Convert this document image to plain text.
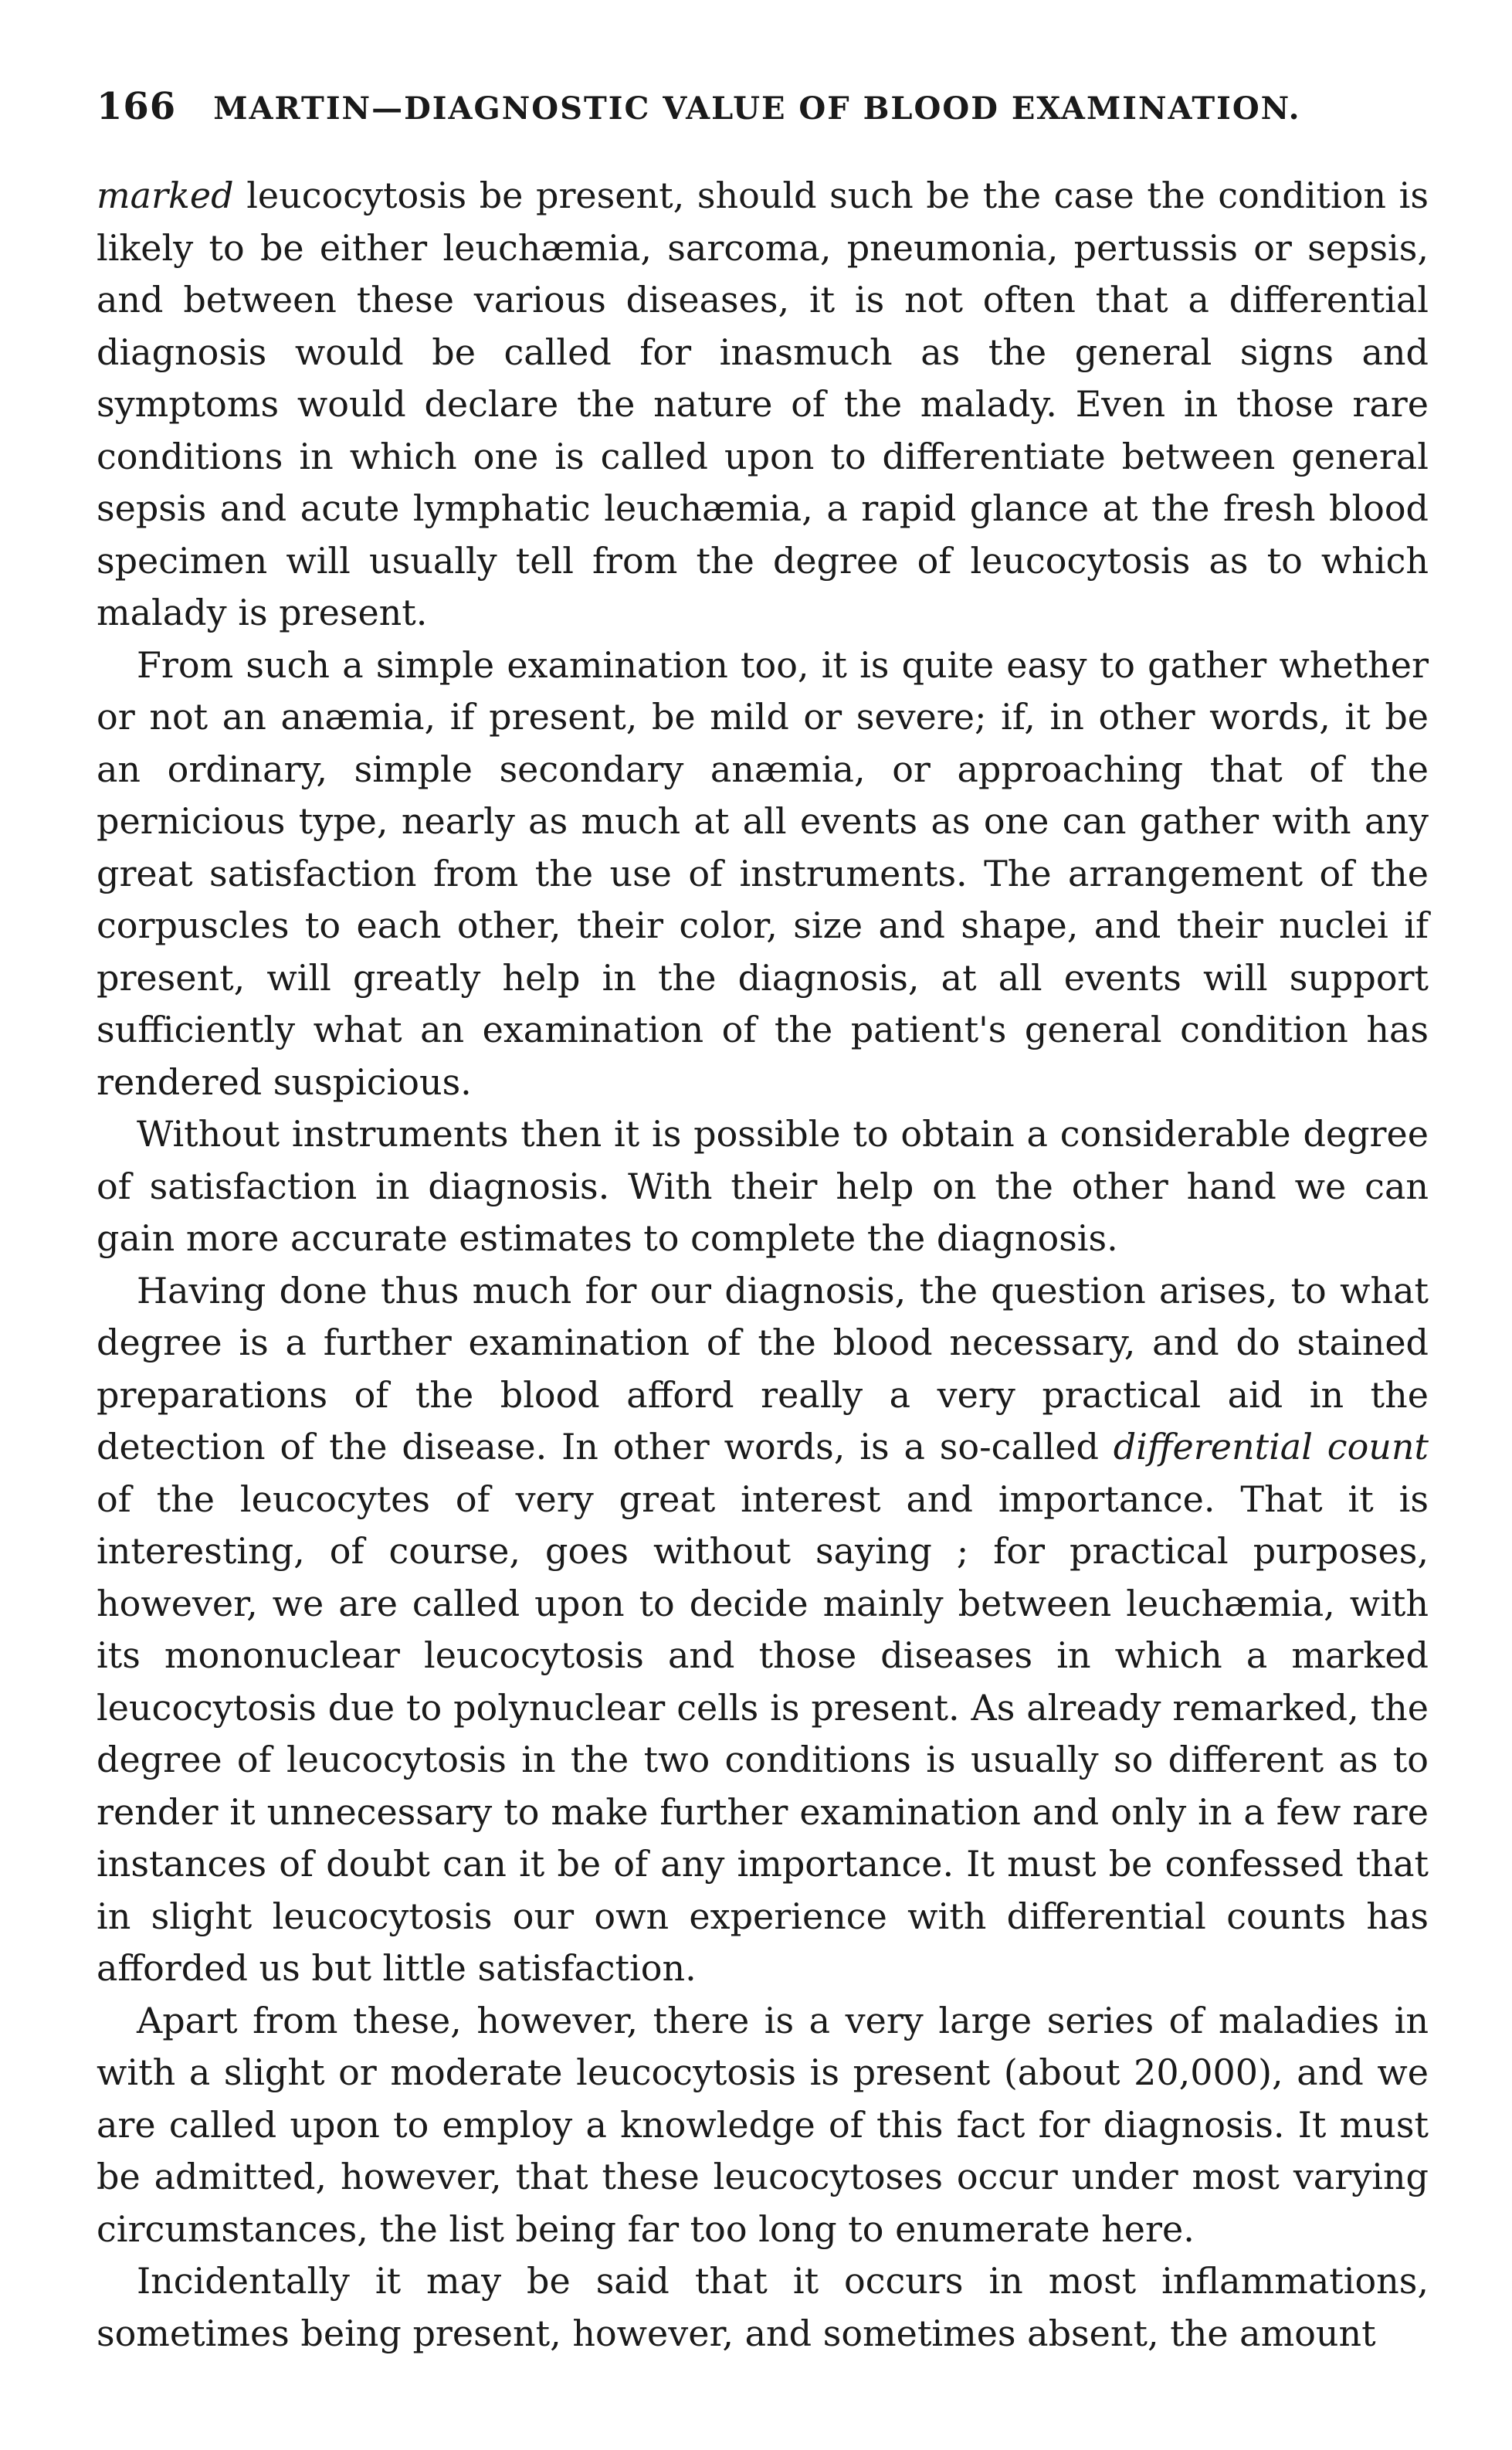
166 MARTIN—DIAGNOSTIC VALUE OF BLOOD EXAMINATION.

marked leucocytosis be present, should such be the case the condition is likely to be either leuchæmia, sarcoma, pneumonia, pertussis or sepsis, and between these various diseases, it is not often that a differential diagnosis would be called for inasmuch as the general signs and symptoms would declare the nature of the malady. Even in those rare conditions in which one is called upon to differentiate between general sepsis and acute lymphatic leuchæmia, a rapid glance at the fresh blood specimen will usually tell from the degree of leucocytosis as to which malady is present.

From such a simple examination too, it is quite easy to gather whether or not an anæmia, if present, be mild or severe; if, in other words, it be an ordinary, simple secondary anæmia, or approaching that of the pernicious type, nearly as much at all events as one can gather with any great satisfaction from the use of instruments. The arrangement of the corpuscles to each other, their color, size and shape, and their nuclei if present, will greatly help in the diagnosis, at all events will support sufficiently what an examination of the patient's general condition has rendered suspicious.

Without instruments then it is possible to obtain a considerable degree of satisfaction in diagnosis. With their help on the other hand we can gain more accurate estimates to complete the diagnosis.

Having done thus much for our diagnosis, the question arises, to what degree is a further examination of the blood necessary, and do stained preparations of the blood afford really a very practical aid in the detection of the disease. In other words, is a so-called differential count of the leucocytes of very great interest and importance. That it is interesting, of course, goes without saying ; for practical purposes, however, we are called upon to decide mainly between leuchæmia, with its mononuclear leucocytosis and those diseases in which a marked leucocytosis due to polynuclear cells is present. As already remarked, the degree of leucocytosis in the two conditions is usually so different as to render it unnecessary to make further examination and only in a few rare instances of doubt can it be of any importance. It must be confessed that in slight leucocytosis our own experience with differential counts has afforded us but little satisfaction.

Apart from these, however, there is a very large series of maladies in with a slight or moderate leucocytosis is present (about 20,000), and we are called upon to employ a knowledge of this fact for diagnosis. It must be admitted, however, that these leucocytoses occur under most varying circumstances, the list being far too long to enumerate here.

Incidentally it may be said that it occurs in most inflammations, sometimes being present, however, and sometimes absent, the amount
